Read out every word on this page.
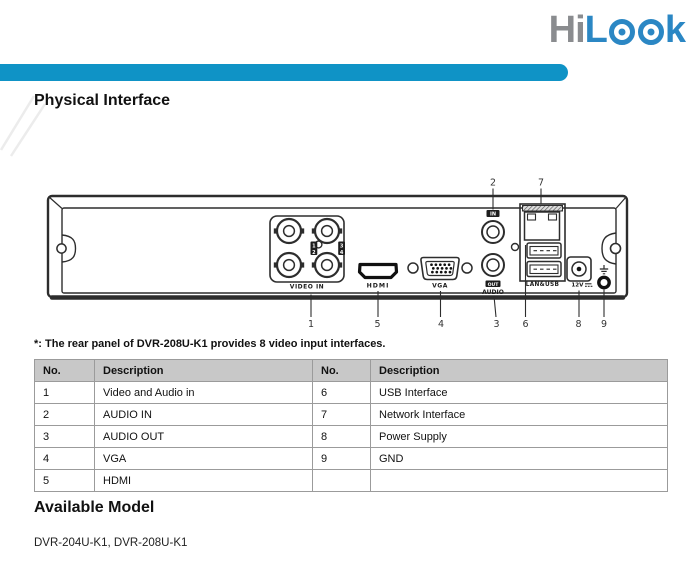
Hi L k
Physical Interface
1
2
3
4
VIDEO IN	HDMI	VGA
IN
OUT
AUDIO
LAN&USB 12V
2	7
1	5	4	3 6	8 9
*: The rear panel of DVR-208U-K1 provides 8 video input interfaces.
No.	Description	No.	Description
1	Video and Audio in	6	USB Interface
2	AUDIO IN	7	Network Interface
3	AUDIO OUT	8	Power Supply
4	VGA	9	GND
5	HDMI		
Available Model
DVR-204U-K1, DVR-208U-K1
